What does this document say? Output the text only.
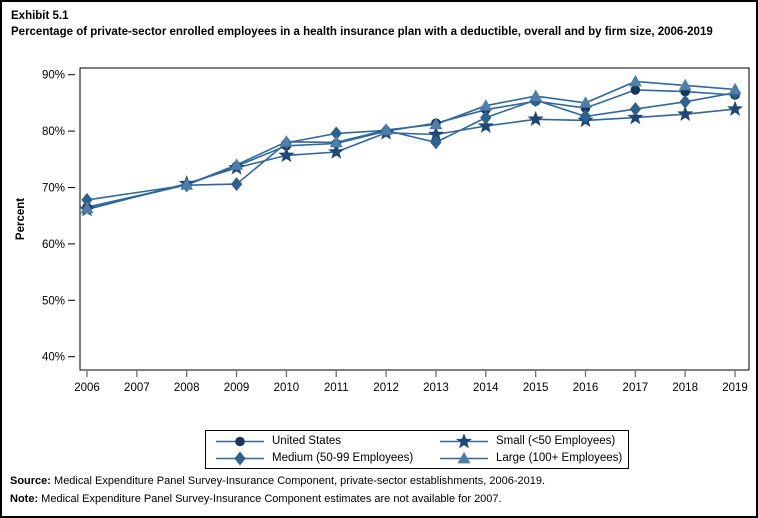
Exhibit 5.1
Percentage of private-sector enrolled employees in a health insurance plan with a deductible, overall and by firm size, 2006-2019
40%
50%
60%
70%
80%
90%
2006 2007 2008 2009 2010 2011 2012 2013 2014 2015 2016 2017 2018 2019
Percent
United States	Small (<50 Employees)
Medium (50-99 Employees)	Large (100+ Employees)
Source: Medical Expenditure Panel Survey-Insurance Component, private-sector establishments, 2006-2019.
Note: Medical Expenditure Panel Survey-Insurance Component estimates are not available for 2007.
